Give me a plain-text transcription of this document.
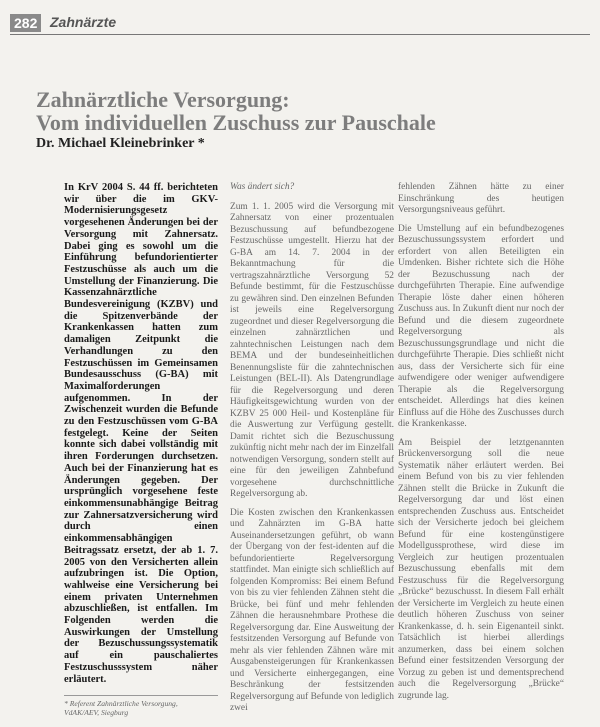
282 Zahnärzte
Zahnärztliche Versorgung:
Vom individuellen Zuschuss zur Pauschale
Dr. Michael Kleinebrinker *
In KrV 2004 S. 44 ff. berichteten wir über die im GKV-Modernisierungsgesetz vorgesehenen Änderungen bei der Versorgung mit Zahnersatz. Dabei ging es sowohl um die Einführung befundorientierter Festzuschüsse als auch um die Umstellung der Finanzierung. Die Kassenzahnärztliche Bundesvereinigung (KZBV) und die Spitzenverbände der Krankenkassen hatten zum damaligen Zeitpunkt die Verhandlungen zu den Festzuschüssen im Gemeinsamen Bundesausschuss (G-BA) mit Maximalforderungen aufgenommen. In der Zwischenzeit wurden die Befunde zu den Festzuschüssen vom G-BA festgelegt. Keine der Seiten konnte sich dabei vollständig mit ihren Forderungen durchsetzen. Auch bei der Finanzierung hat es Änderungen gegeben. Der ursprünglich vorgesehene feste einkommensunabhängige Beitrag zur Zahnersatzversicherung wird durch einen einkommensabhängigen Beitragssatz ersetzt, der ab 1. 7. 2005 von den Versicherten allein aufzubringen ist. Die Option, wahlweise eine Versicherung bei einem privaten Unternehmen abzuschließen, ist entfallen. Im Folgenden werden die Auswirkungen der Umstellung der Bezuschussungssystematik auf ein pauschaliertes Festzuschusssystem näher erläutert.

Was ändert sich?

Zum 1. 1. 2005 wird die Versorgung mit Zahnersatz von einer prozentualen Bezuschussung auf befundbezogene Festzuschüsse umgestellt. Hierzu hat der G-BA am 14. 7. 2004 in der Bekanntmachung für die vertragszahnärztliche Versorgung 52 Befunde bestimmt, für die Festzuschüsse zu gewähren sind. Den einzelnen Befunden ist jeweils eine Regelversorgung zugeordnet und dieser Regelversorgung die einzelnen zahnärztlichen und zahntechnischen Leistungen nach dem BEMA und der bundeseinheitlichen Benennungsliste für die zahntechnischen Leistungen (BEL-II). Als Datengrundlage für die Regelversorgung und deren Häufigkeitsgewichtung wurden von der KZBV 25 000 Heil- und Kostenpläne für die Auswertung zur Verfügung gestellt. Damit richtet sich die Bezuschussung zukünftig nicht mehr nach der im Einzelfall notwendigen Versorgung, sondern stellt auf eine für den jeweiligen Zahnbefund vorgesehene durchschnittliche Regelversorgung ab.

Die Kosten zwischen den Krankenkassen und Zahnärzten im G-BA hatte Auseinandersetzungen geführt, ob wann der Übergang von der fest-identen auf die befundorientierte Regelversorgung stattfindet. Man einigte sich schließlich auf folgenden Kompromiss: Bei einem Befund von bis zu vier fehlenden Zähnen steht die Brücke, bei fünf und mehr fehlenden Zähnen die herausnehmbare Prothese die Regelversorgung dar. Eine Ausweitung der festsitzenden Versorgung auf Befunde von mehr als vier fehlenden Zähnen wäre mit Ausgabensteigerungen für Krankenkassen und Versicherte einhergegangen, eine Beschränkung der festsitzenden Regelversorgung auf Befunde von lediglich zwei

fehlenden Zähnen hätte zu einer Einschränkung des heutigen Versorgungsniveaus geführt.

Die Umstellung auf ein befundbezogenes Bezuschussungssystem erfordert und erfordert von allen Beteiligten ein Umdenken. Bisher richtete sich die Höhe der Bezuschussung nach der durchgeführten Therapie. Eine aufwendige Therapie löste daher einen höheren Zuschuss aus. In Zukunft dient nur noch der Befund und die diesem zugeordnete Regelversorgung als Bezuschussungsgrundlage und nicht die durchgeführte Therapie. Dies schließt nicht aus, dass der Versicherte sich für eine aufwendigere oder weniger aufwendigere Therapie als die Regelversorgung entscheidet. Allerdings hat dies keinen Einfluss auf die Höhe des Zuschusses durch die Krankenkasse.

Am Beispiel der letztgenannten Brückenversorgung soll die neue Systematik näher erläutert werden. Bei einem Befund von bis zu vier fehlenden Zähnen stellt die Brücke in Zukunft die Regelversorgung dar und löst einen entsprechenden Zuschuss aus. Entscheidet sich der Versicherte jedoch bei gleichem Befund für eine kostengünstigere Modellgussprothese, wird diese im Vergleich zur heutigen prozentualen Bezuschussung ebenfalls mit dem Festzuschuss für die Regelversorgung „Brücke“ bezuschusst. In diesem Fall erhält der Versicherte im Vergleich zu heute einen deutlich höheren Zuschuss von seiner Krankenkasse, d. h. sein Eigenanteil sinkt. Tatsächlich ist hierbei allerdings anzumerken, dass bei einem solchen Befund einer festsitzenden Versorgung der Vorzug zu geben ist und dementsprechend auch die Regelversorgung „Brücke“ zugrunde lag.

* Referent Zahnärztliche Versorgung,
VdAK/AEV, Siegburg
